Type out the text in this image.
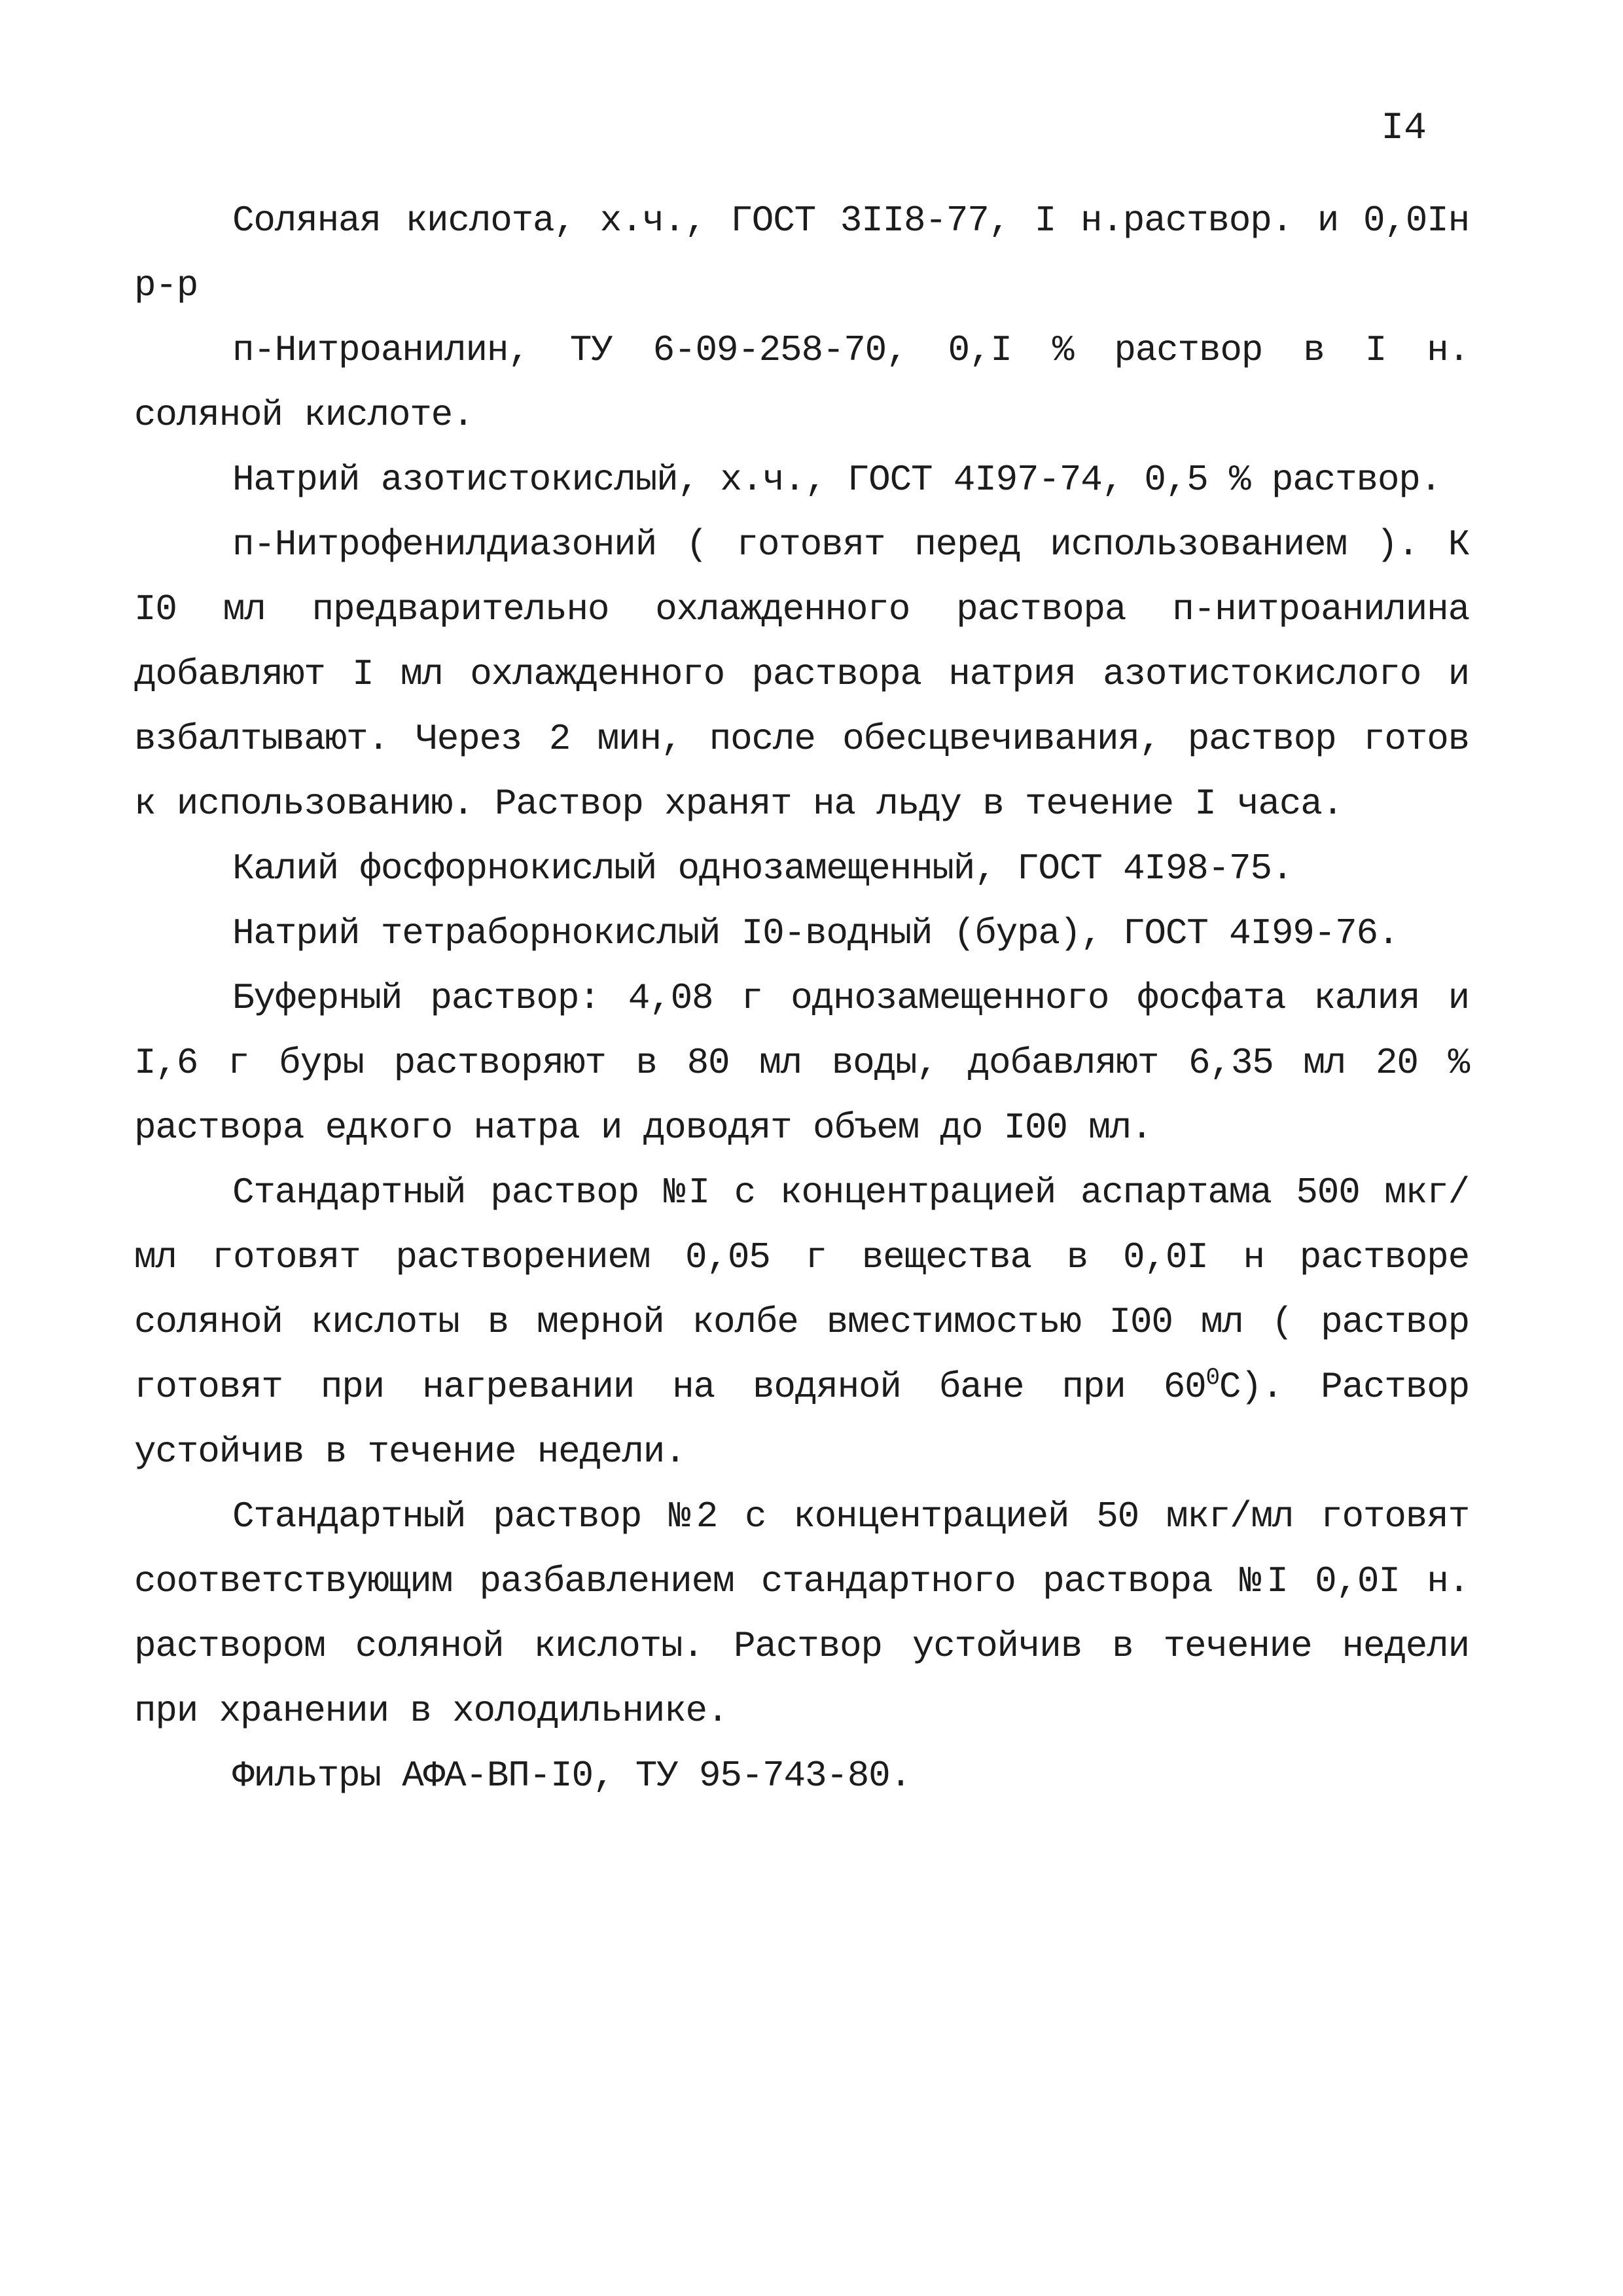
I4

Соляная кислота, х.ч., ГОСТ 3II8-77, I н.раствор. и 0,0Iн р-р

п-Нитроанилин, ТУ 6-09-258-70, 0,I % раствор в I н. соляной кислоте.

Натрий азотистокислый, х.ч., ГОСТ 4I97-74, 0,5 % раствор.

п-Нитрофенилдиазоний ( готовят перед использованием ). К I0 мл предварительно охлажденного раствора п-нитроанилина добавляют I мл охлажденного раствора натрия азотистокислого и взбалтывают. Через 2 мин, после обесцвечивания, раствор готов к использованию. Раствор хранят на льду в течение I часа.

Калий фосфорнокислый однозамещенный, ГОСТ 4I98-75.

Натрий тетраборнокислый I0-водный (бура), ГОСТ 4I99-76.

Буферный раствор: 4,08 г однозамещенного фосфата калия и I,6 г буры растворяют в 80 мл воды, добавляют 6,35 мл 20 % раствора едкого натра и доводят объем до I00 мл.

Стандартный раствор №I с концентрацией аспартама 500 мкг/мл готовят растворением 0,05 г вещества в 0,0I н растворе соляной кислоты в мерной колбе вместимостью I00 мл ( раствор готовят при нагревании на водяной бане при $60^0С$). Раствор устойчив в течение недели.

Стандартный раствор №2 с концентрацией 50 мкг/мл готовят соответствующим разбавлением стандартного раствора №I 0,0I н. раствором соляной кислоты. Раствор устойчив в течение недели при хранении в холодильнике.

Фильтры АФА-ВП-I0, ТУ 95-743-80.
